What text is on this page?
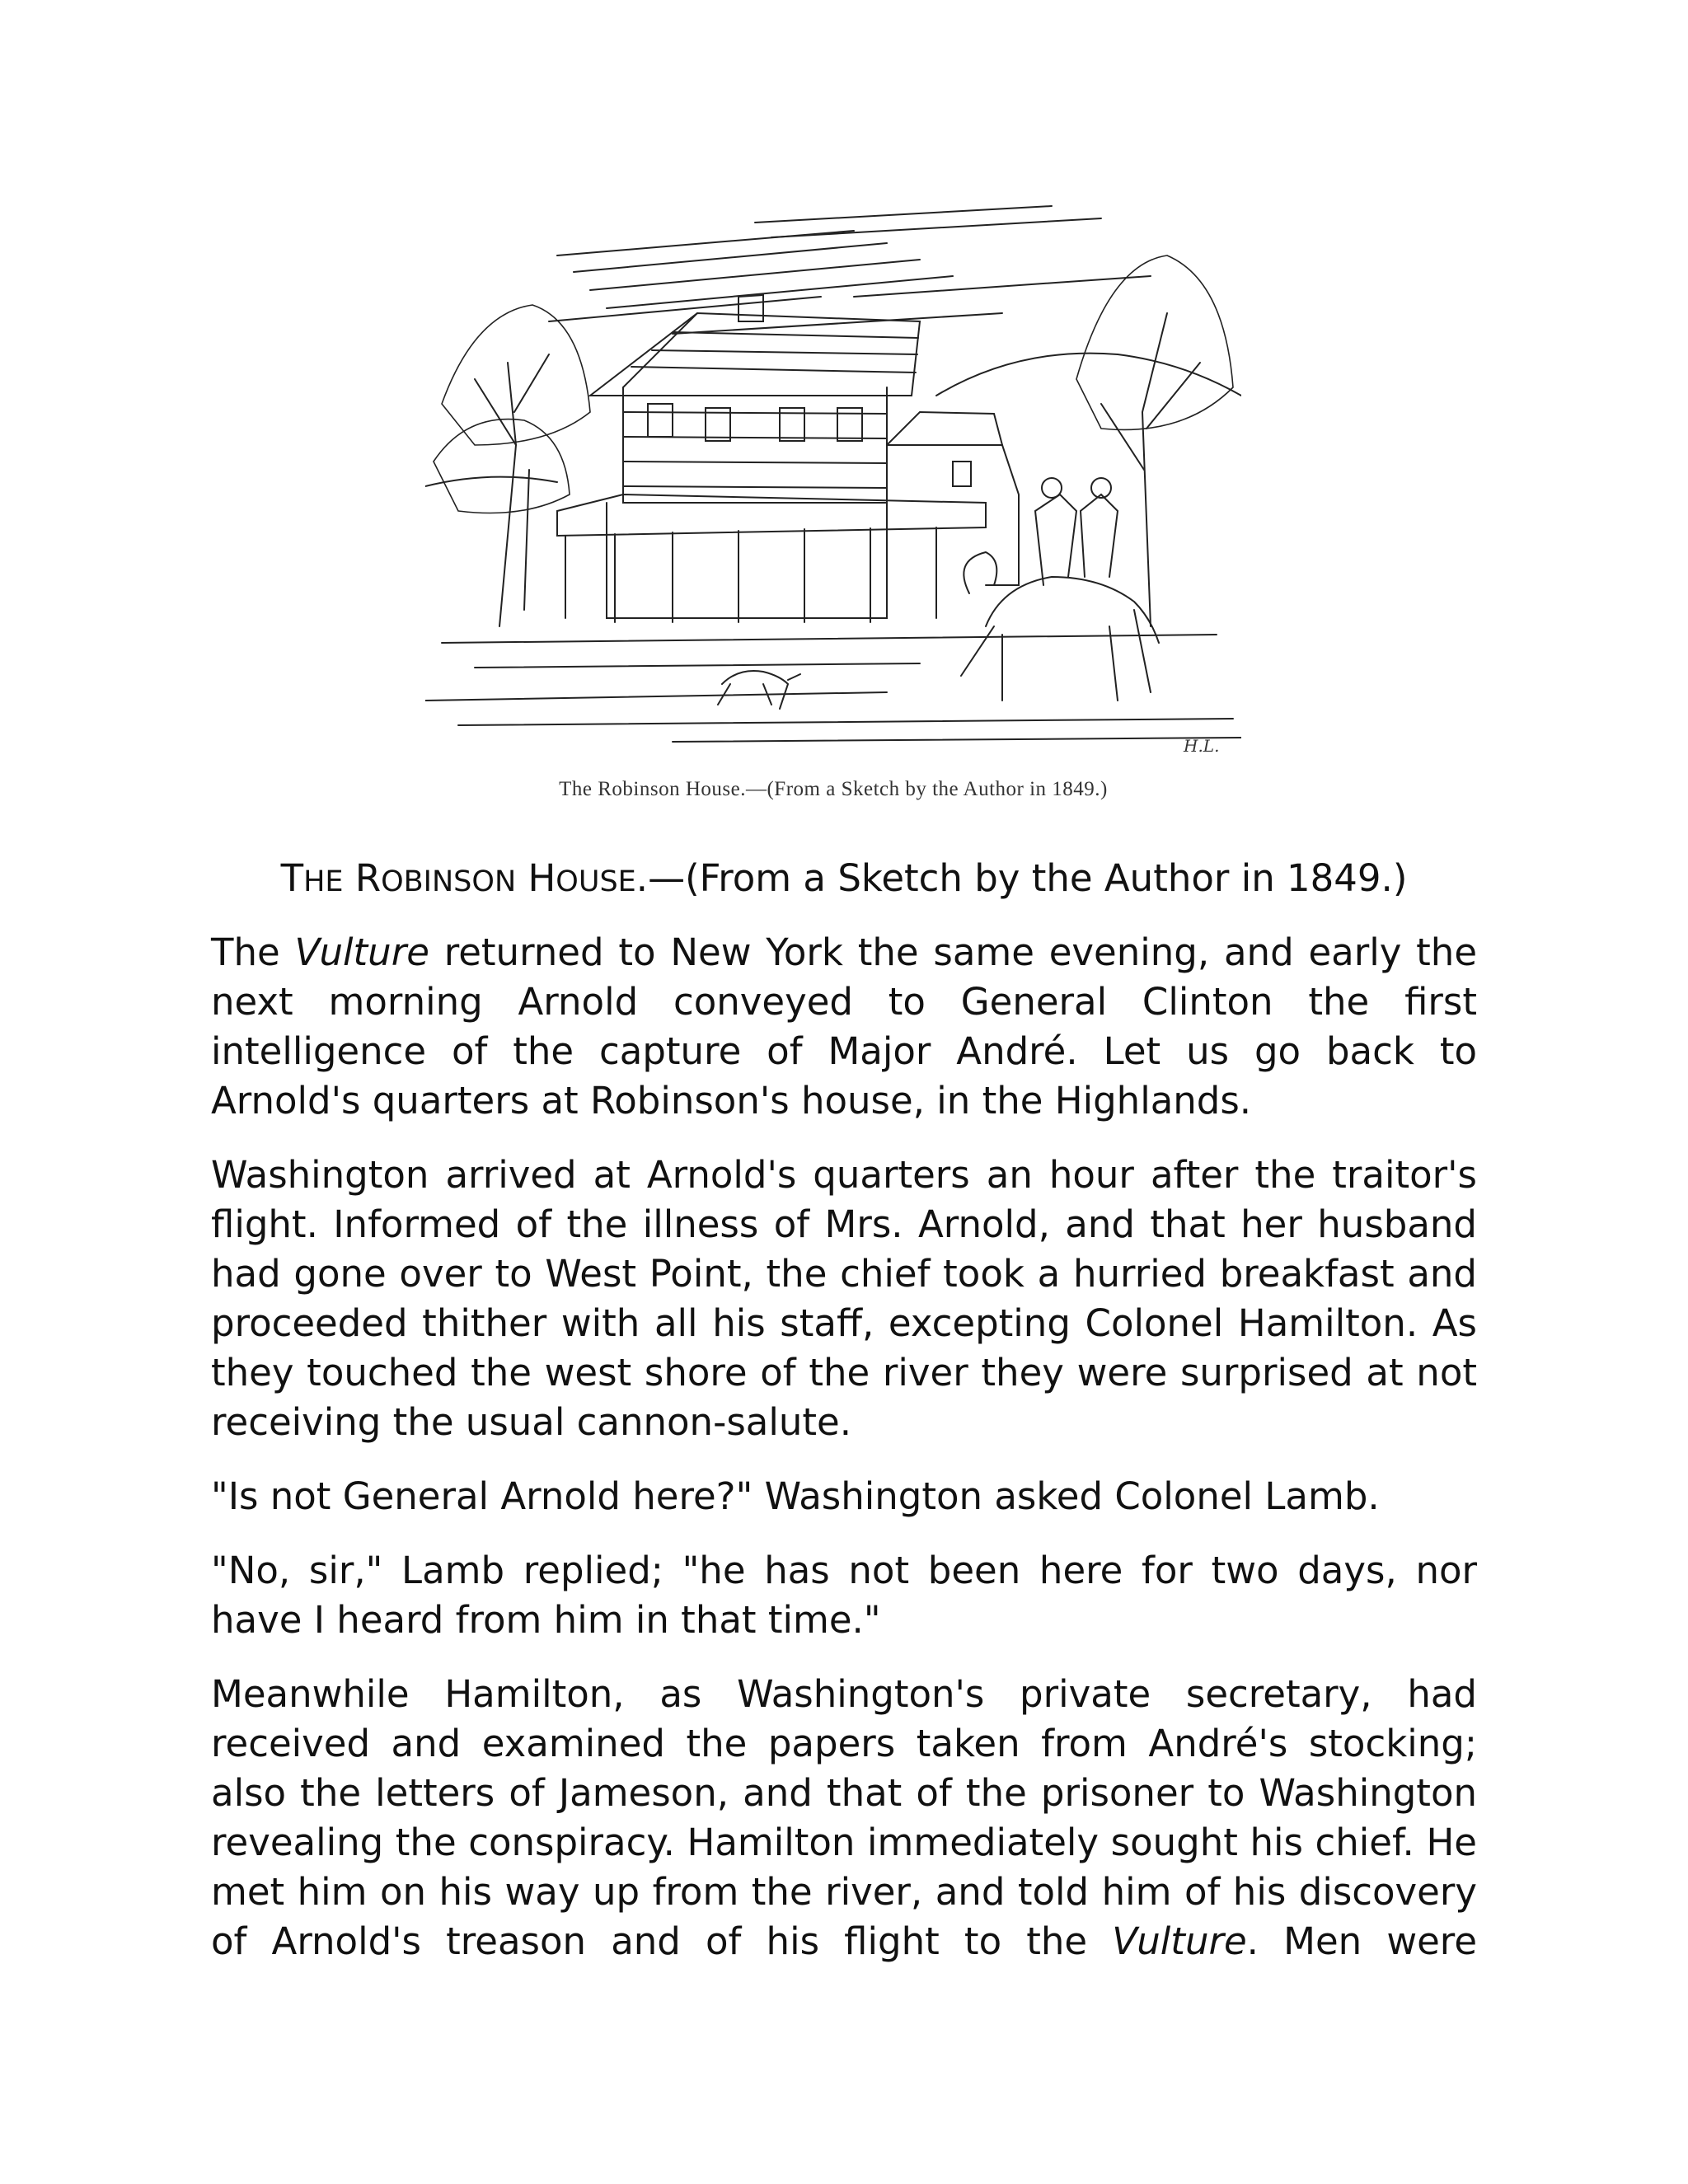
H.L.
The Robinson House.—(From a Sketch by the Author in 1849.)
THE ROBINSON HOUSE.—(From a Sketch by the Author in 1849.)

The Vulture returned to New York the same evening, and early the next morning Arnold conveyed to General Clinton the first intelligence of the capture of Major André. Let us go back to Arnold's quarters at Robinson's house, in the Highlands.

Washington arrived at Arnold's quarters an hour after the traitor's flight. Informed of the illness of Mrs. Arnold, and that her husband had gone over to West Point, the chief took a hurried breakfast and proceeded thither with all his staff, excepting Colonel Hamilton. As they touched the west shore of the river they were surprised at not receiving the usual cannon-salute.

"Is not General Arnold here?" Washington asked Colonel Lamb.

"No, sir," Lamb replied; "he has not been here for two days, nor have I heard from him in that time."

Meanwhile Hamilton, as Washington's private secretary, had received and examined the papers taken from André's stocking; also the letters of Jameson, and that of the prisoner to Washington revealing the conspiracy. Hamilton immediately sought his chief. He met him on his way up from the river, and told him of his discovery of Arnold's treason and of his flight to the Vulture. Men were
